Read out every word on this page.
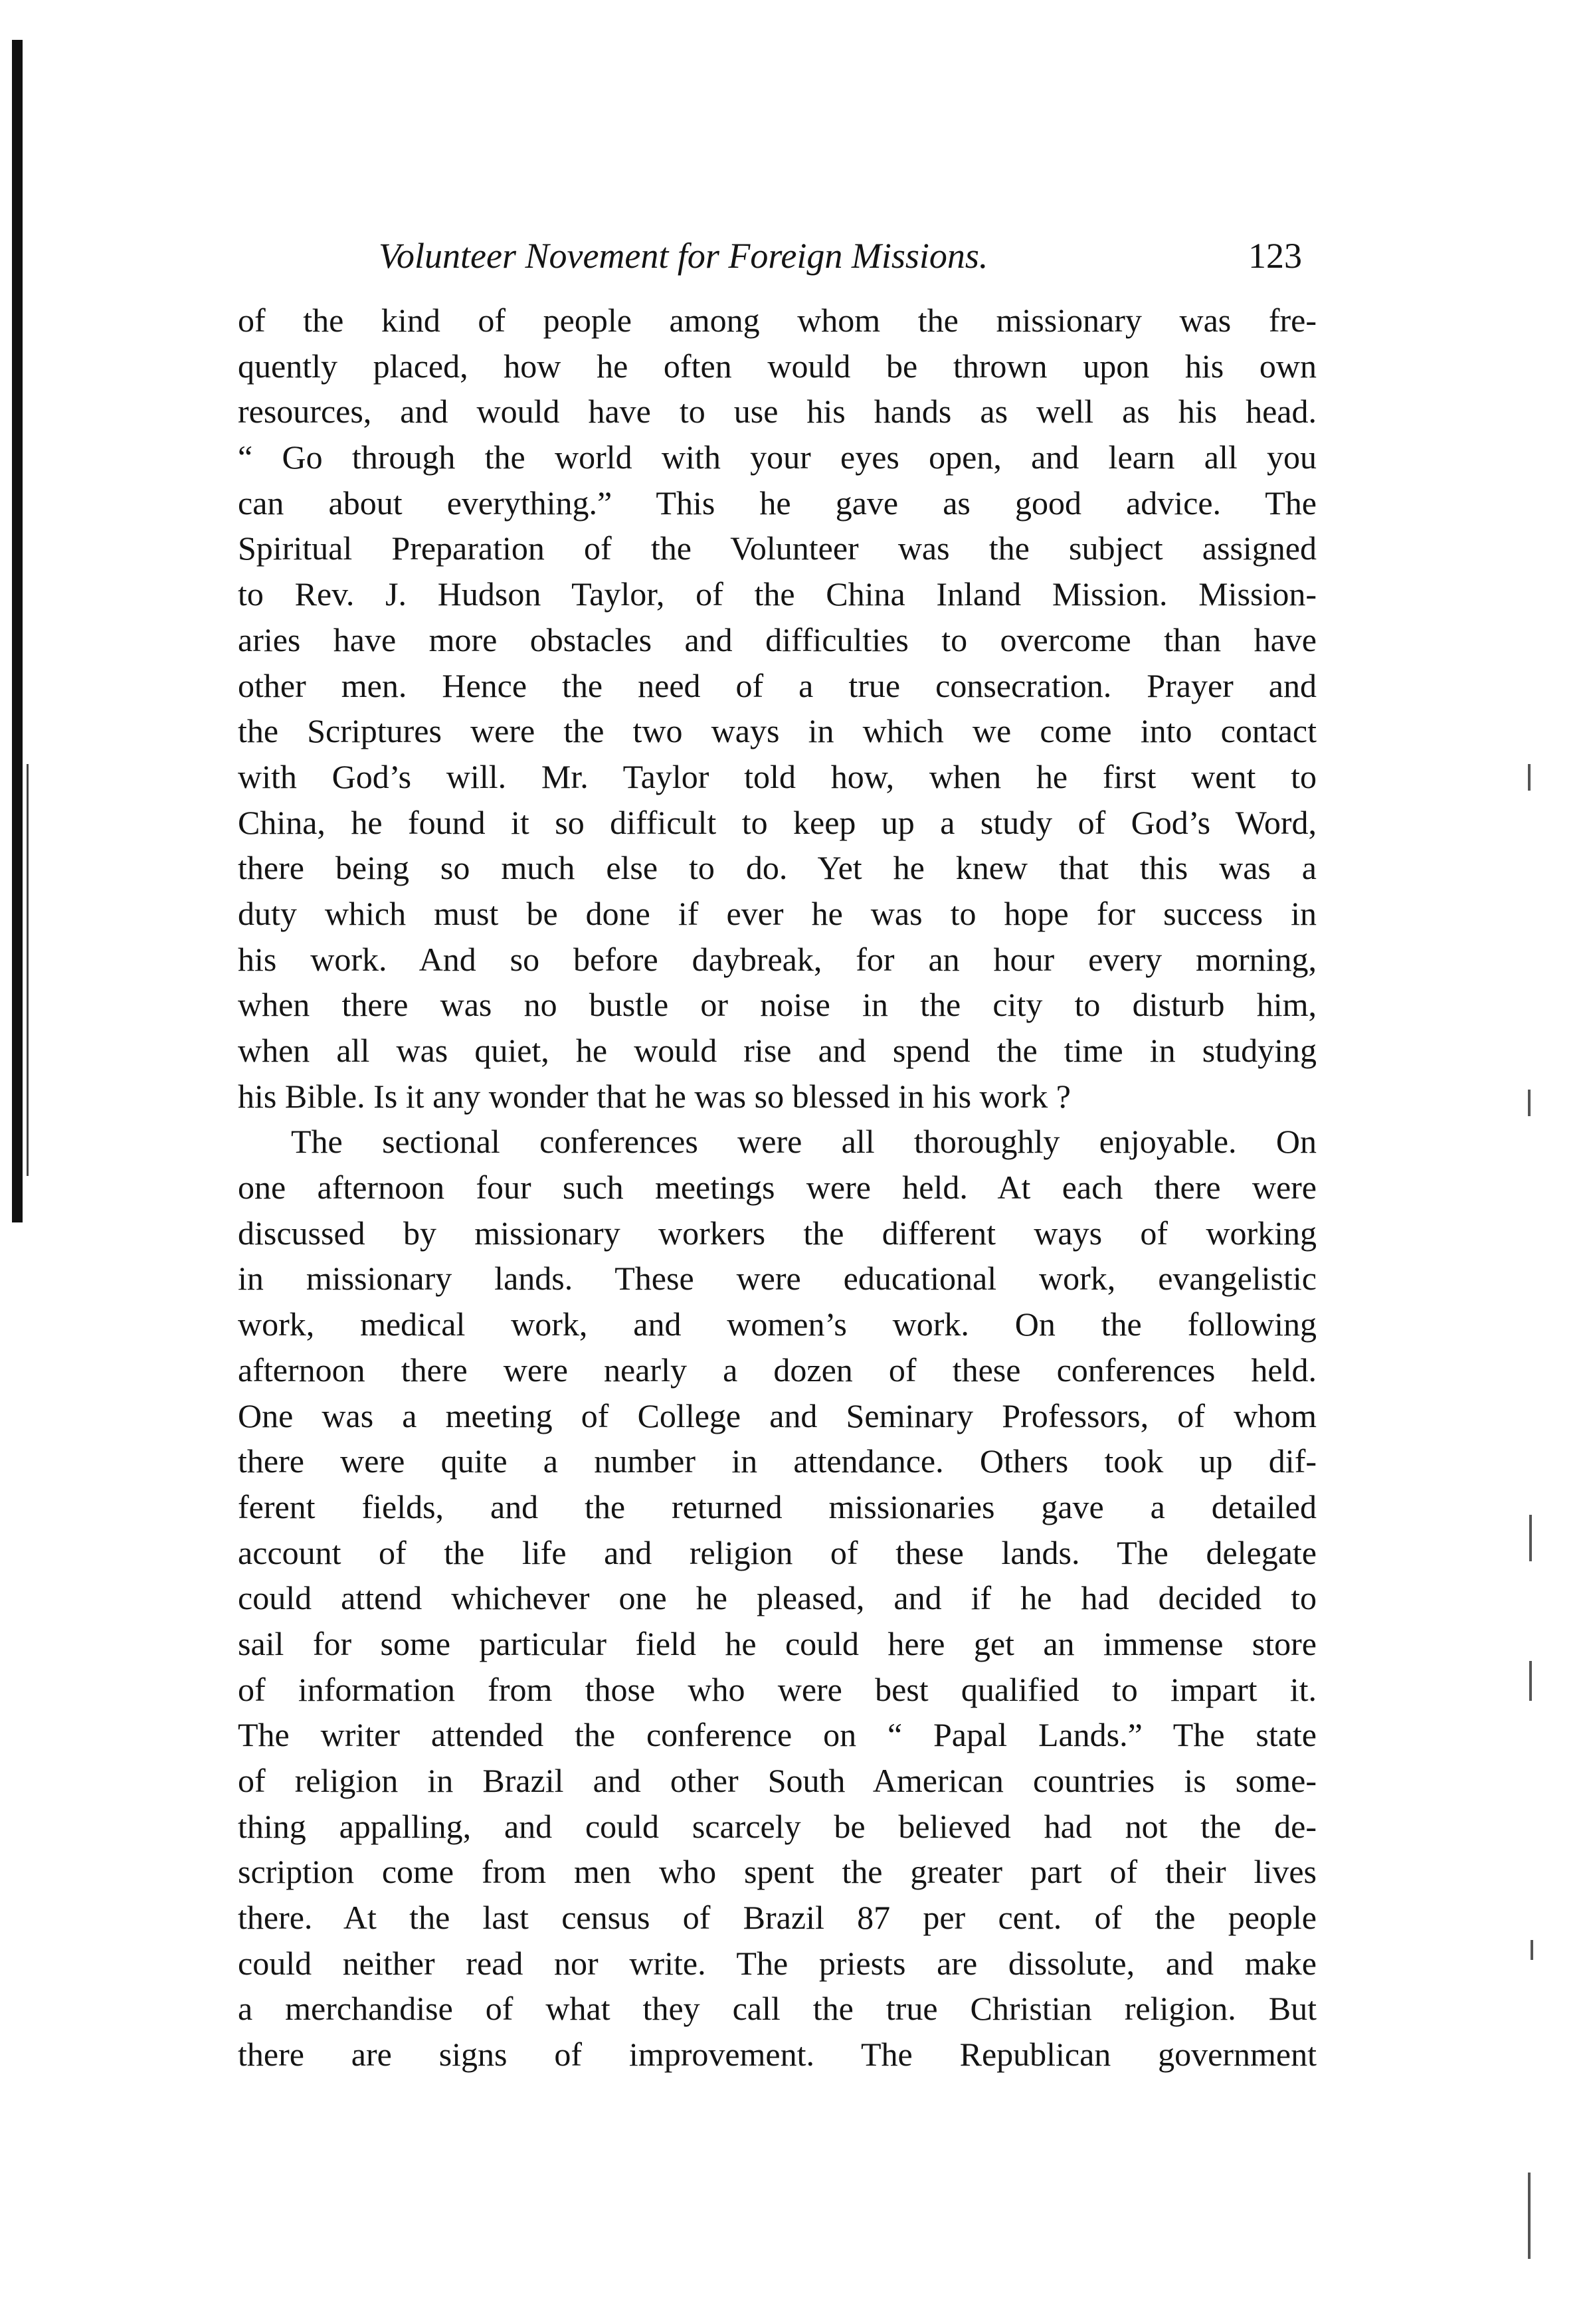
Volunteer Novement for Foreign Missions.	123
of the kind of people among whom the missionary was fre-
quently placed, how he often would be thrown upon his own
resources, and would have to use his hands as well as his head.
“ Go through the world with your eyes open, and learn all you
can about everything.” This he gave as good advice. The
Spiritual Preparation of the Volunteer was the subject assigned
to Rev. J. Hudson Taylor, of the China Inland Mission. Mission-
aries have more obstacles and difficulties to overcome than have
other men. Hence the need of a true consecration. Prayer and
the Scriptures were the two ways in which we come into contact
with God’s will. Mr. Taylor told how, when he first went to
China, he found it so difficult to keep up a study of God’s Word,
there being so much else to do. Yet he knew that this was a
duty which must be done if ever he was to hope for success in
his work. And so before daybreak, for an hour every morning,
when there was no bustle or noise in the city to disturb him,
when all was quiet, he would rise and spend the time in studying
his Bible. Is it any wonder that he was so blessed in his work ?
The sectional conferences were all thoroughly enjoyable. On
one afternoon four such meetings were held. At each there were
discussed by missionary workers the different ways of working
in missionary lands. These were educational work, evangelistic
work, medical work, and women’s work. On the following
afternoon there were nearly a dozen of these conferences held.
One was a meeting of College and Seminary Professors, of whom
there were quite a number in attendance. Others took up dif-
ferent fields, and the returned missionaries gave a detailed
account of the life and religion of these lands. The delegate
could attend whichever one he pleased, and if he had decided to
sail for some particular field he could here get an immense store
of information from those who were best qualified to impart it.
The writer attended the conference on “ Papal Lands.” The state
of religion in Brazil and other South American countries is some-
thing appalling, and could scarcely be believed had not the de-
scription come from men who spent the greater part of their lives
there. At the last census of Brazil 87 per cent. of the people
could neither read nor write. The priests are dissolute, and make
a merchandise of what they call the true Christian religion. But
there are signs of improvement. The Republican government
